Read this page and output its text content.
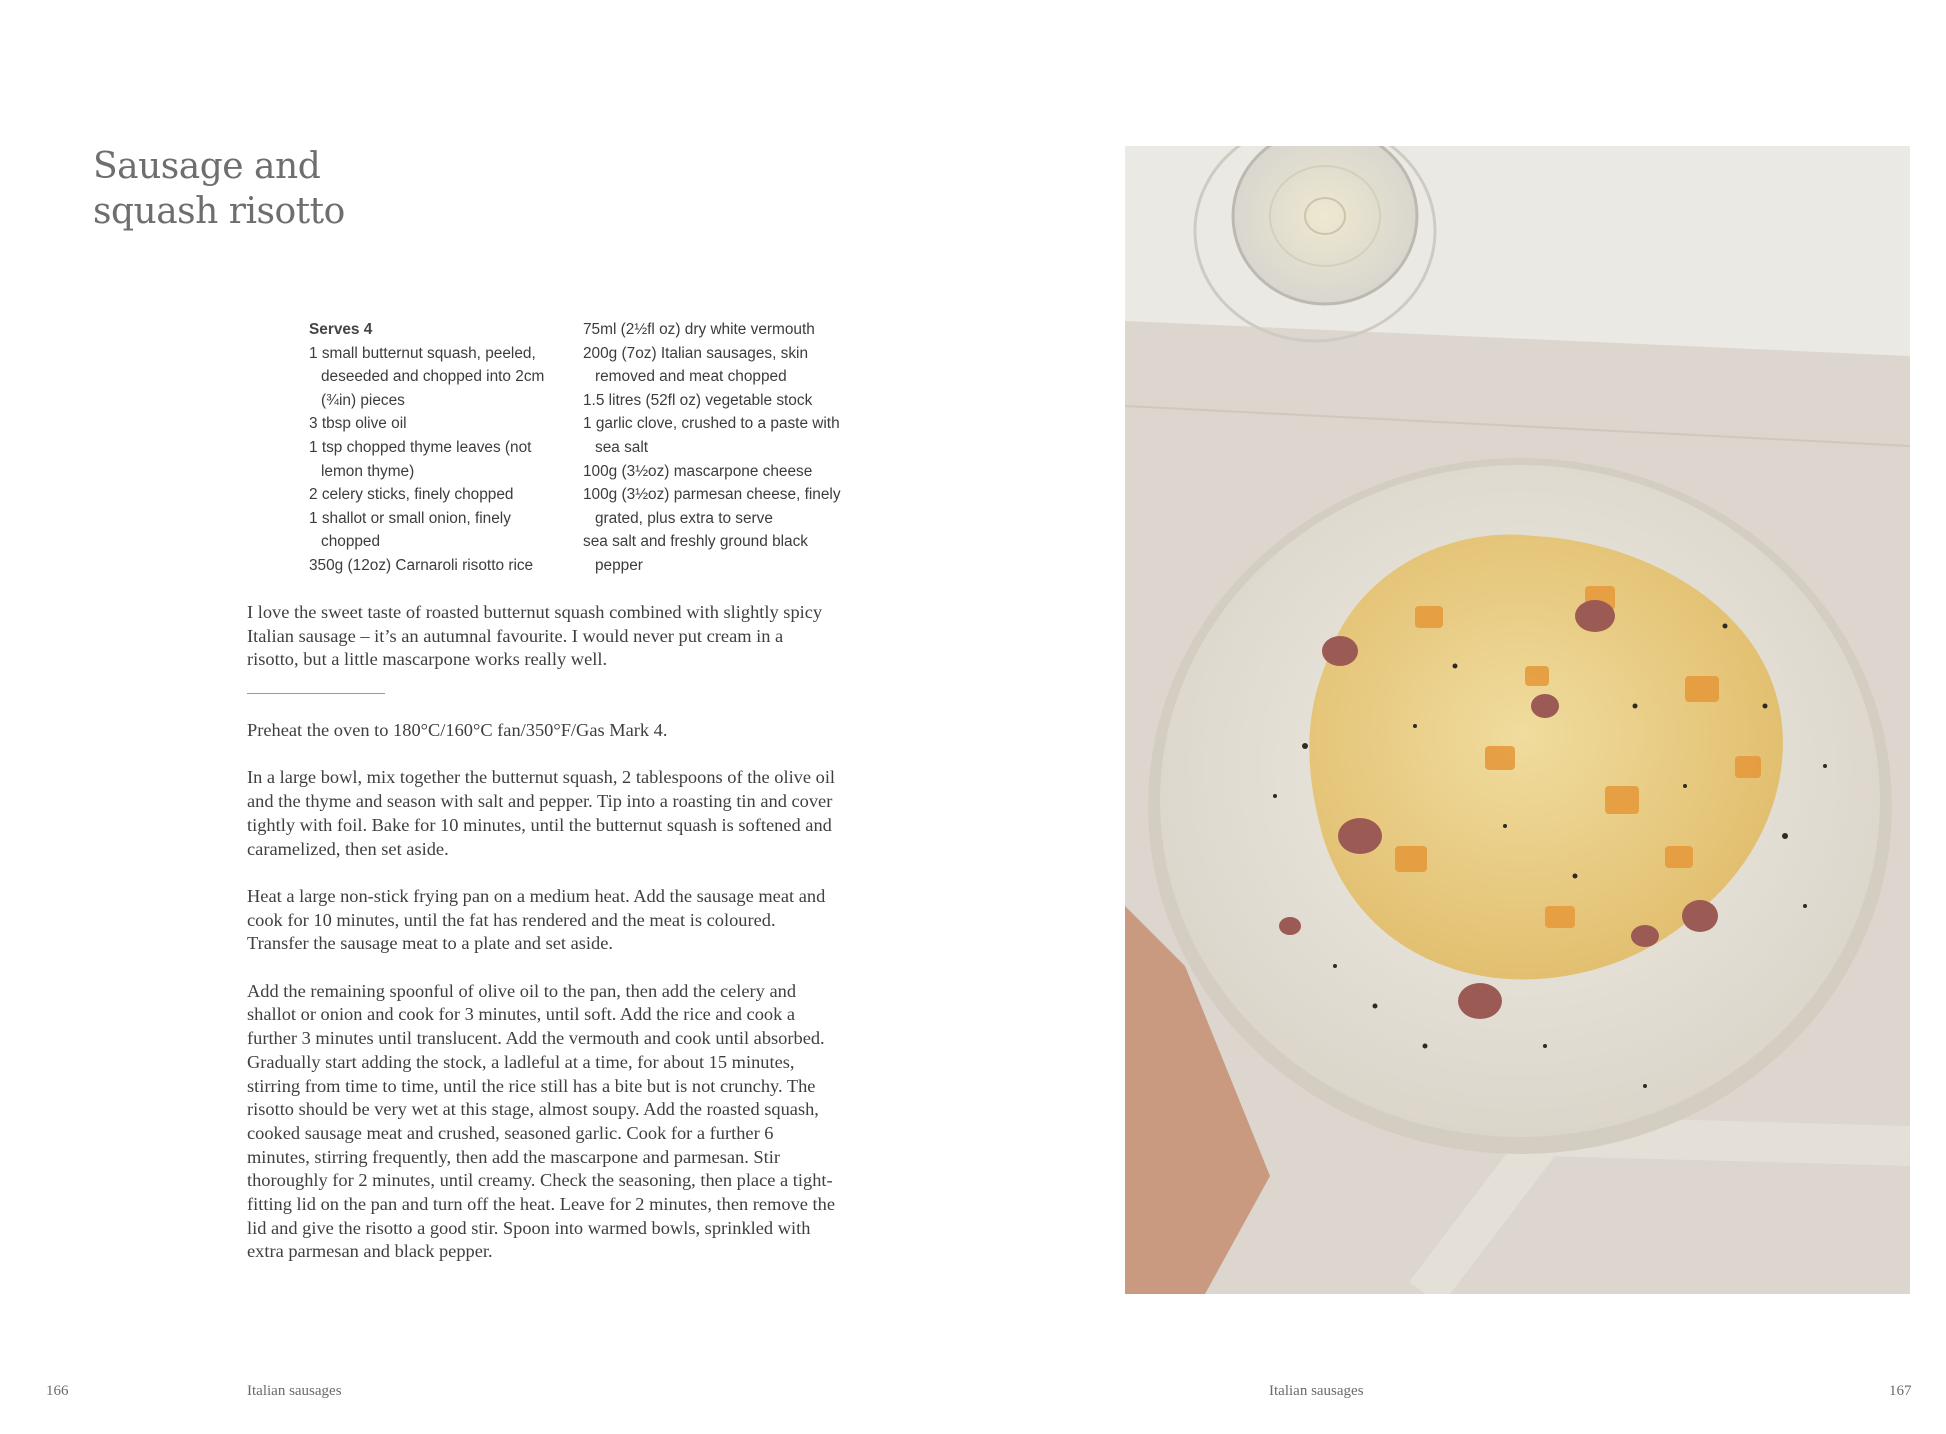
Sausage and
squash risotto
Serves 4
1 small butternut squash, peeled, deseeded and chopped into 2cm (¾in) pieces
3 tbsp olive oil
1 tsp chopped thyme leaves (not lemon thyme)
2 celery sticks, finely chopped
1 shallot or small onion, finely chopped
350g (12oz) Carnaroli risotto rice
75ml (2½fl oz) dry white vermouth
200g (7oz) Italian sausages, skin removed and meat chopped
1.5 litres (52fl oz) vegetable stock
1 garlic clove, crushed to a paste with sea salt
100g (3½oz) mascarpone cheese
100g (3½oz) parmesan cheese, finely grated, plus extra to serve
sea salt and freshly ground black pepper

I love the sweet taste of roasted butternut squash combined with slightly spicy Italian sausage – it’s an autumnal favourite. I would never put cream in a risotto, but a little mascarpone works really well.

Preheat the oven to 180°C/160°C fan/350°F/Gas Mark 4.

In a large bowl, mix together the butternut squash, 2 tablespoons of the olive oil and the thyme and season with salt and pepper. Tip into a roasting tin and cover tightly with foil. Bake for 10 minutes, until the butternut squash is softened and caramelized, then set aside.

Heat a large non-stick frying pan on a medium heat. Add the sausage meat and cook for 10 minutes, until the fat has rendered and the meat is coloured. Transfer the sausage meat to a plate and set aside.

Add the remaining spoonful of olive oil to the pan, then add the celery and shallot or onion and cook for 3 minutes, until soft. Add the rice and cook a further 3 minutes until translucent. Add the vermouth and cook until absorbed. Gradually start adding the stock, a ladleful at a time, for about 15 minutes, stirring from time to time, until the rice still has a bite but is not crunchy. The risotto should be very wet at this stage, almost soupy. Add the roasted squash, cooked sausage meat and crushed, seasoned garlic. Cook for a further 6 minutes, stirring frequently, then add the mascarpone and parmesan. Stir thoroughly for 2 minutes, until creamy. Check the seasoning, then place a tight-fitting lid on the pan and turn off the heat. Leave for 2 minutes, then remove the lid and give the risotto a good stir. Spoon into warmed bowls, sprinkled with extra parmesan and black pepper.

166	Italian sausages	Italian sausages	167
